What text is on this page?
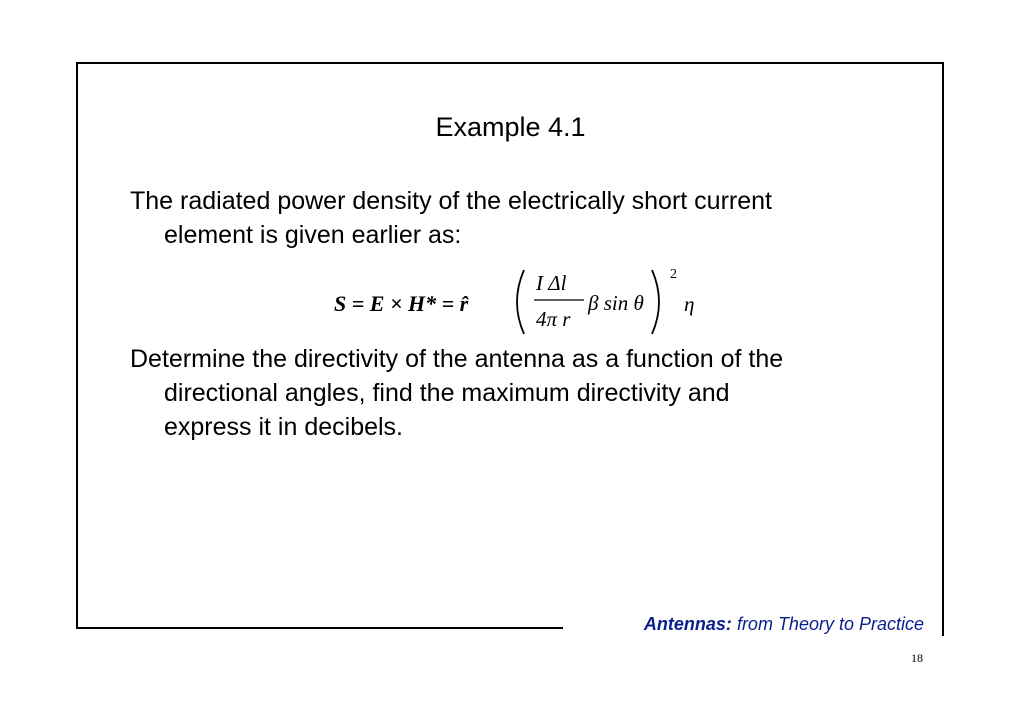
Example 4.1
The radiated power density of the electrically short current
element is given earlier as:
S = E × H* = r̂
I Δl
4π r
β sin θ
2
η
Determine the directivity of the antenna as a function of the
directional angles, find the maximum directivity and
express it in decibels.
Antennas: from Theory to Practice
18
